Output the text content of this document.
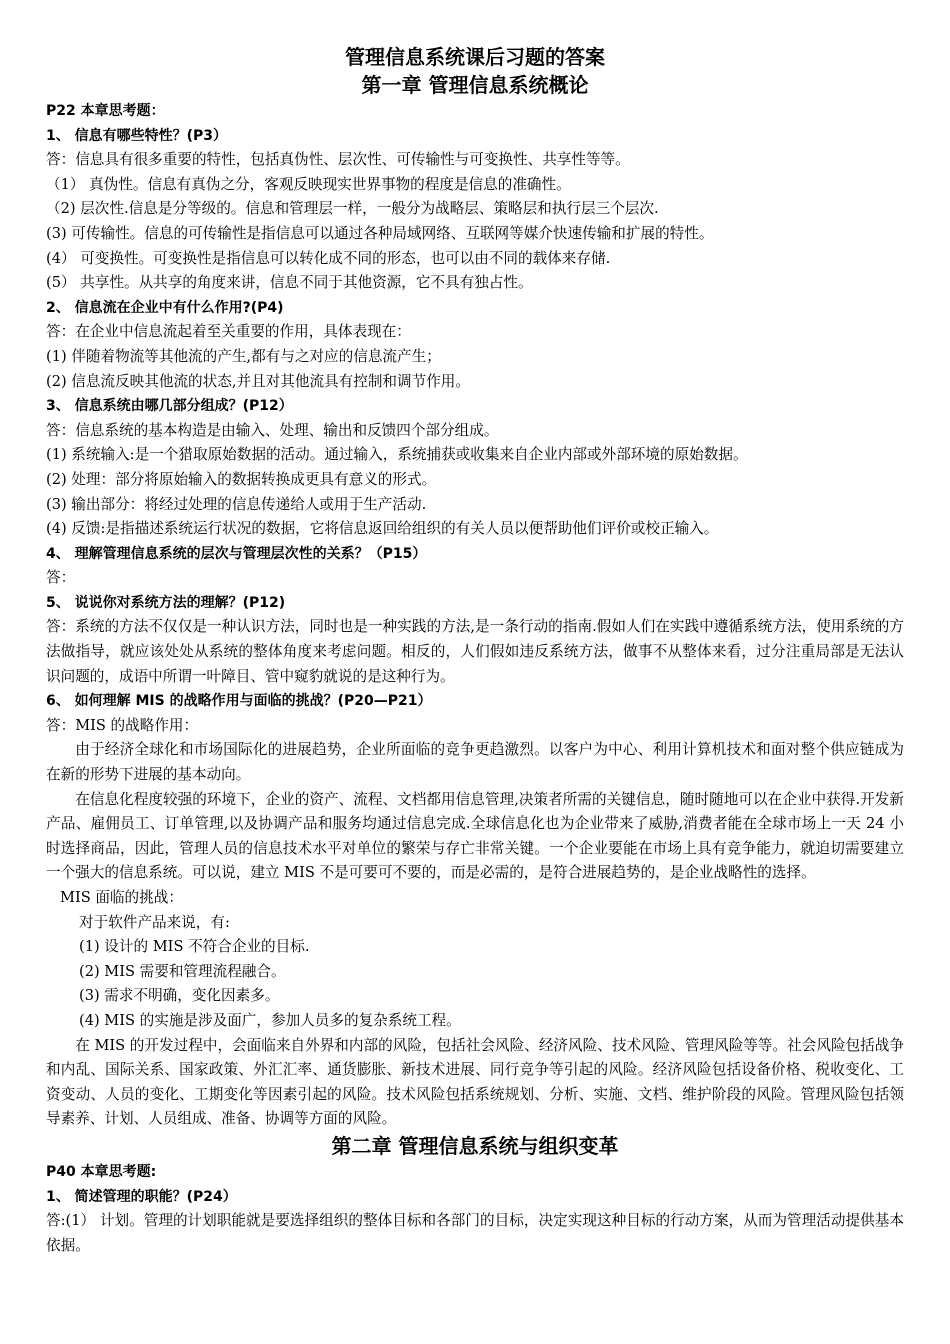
管理信息系统课后习题的答案

第一章 管理信息系统概论

P22 本章思考题：

1、 信息有哪些特性？(P3）

答：信息具有很多重要的特性，包括真伪性、层次性、可传输性与可变换性、共享性等等。

（1） 真伪性。信息有真伪之分，客观反映现实世界事物的程度是信息的准确性。

（2) 层次性.信息是分等级的。信息和管理层一样，一般分为战略层、策略层和执行层三个层次.

(3) 可传输性。信息的可传输性是指信息可以通过各种局域网络、互联网等媒介快速传输和扩展的特性。

(4） 可变换性。可变换性是指信息可以转化成不同的形态，也可以由不同的载体来存储.

(5） 共享性。从共享的角度来讲，信息不同于其他资源，它不具有独占性。

2、 信息流在企业中有什么作用?(P4)

答：在企业中信息流起着至关重要的作用，具体表现在：

(1) 伴随着物流等其他流的产生,都有与之对应的信息流产生；

(2) 信息流反映其他流的状态,并且对其他流具有控制和调节作用。

3、 信息系统由哪几部分组成？(P12）

答：信息系统的基本构造是由输入、处理、输出和反馈四个部分组成。

(1) 系统输入:是一个猎取原始数据的活动。通过输入，系统捕获或收集来自企业内部或外部环境的原始数据。

(2) 处理：部分将原始输入的数据转换成更具有意义的形式。

(3) 输出部分：将经过处理的信息传递给人或用于生产活动.

(4) 反馈:是指描述系统运行状况的数据，它将信息返回给组织的有关人员以便帮助他们评价或校正输入。

4、 理解管理信息系统的层次与管理层次性的关系？（P15）

答：

5、 说说你对系统方法的理解？(P12)

答：系统的方法不仅仅是一种认识方法，同时也是一种实践的方法,是一条行动的指南.假如人们在实践中遵循系统方法，使用系统的方法做指导，就应该处处从系统的整体角度来考虑问题。相反的，人们假如违反系统方法，做事不从整体来看，过分注重局部是无法认识问题的，成语中所谓一叶障目、管中窥豹就说的是这种行为。

6、 如何理解 MIS 的战略作用与面临的挑战？(P20—P21）

答：MIS 的战略作用：

由于经济全球化和市场国际化的进展趋势，企业所面临的竞争更趋激烈。以客户为中心、利用计算机技术和面对整个供应链成为在新的形势下进展的基本动向。

在信息化程度较强的环境下，企业的资产、流程、文档都用信息管理,决策者所需的关键信息，随时随地可以在企业中获得.开发新产品、雇佣员工、订单管理,以及协调产品和服务均通过信息完成.全球信息化也为企业带来了威胁,消费者能在全球市场上一天 24 小时选择商品，因此，管理人员的信息技术水平对单位的繁荣与存亡非常关键。一个企业要能在市场上具有竞争能力，就迫切需要建立一个强大的信息系统。可以说，建立 MIS 不是可要可不要的，而是必需的，是符合进展趋势的，是企业战略性的选择。

MIS 面临的挑战：

对于软件产品来说，有:

(1) 设计的 MIS 不符合企业的目标.

(2) MIS 需要和管理流程融合。

(3) 需求不明确，变化因素多。

(4) MIS 的实施是涉及面广，参加人员多的复杂系统工程。

在 MIS 的开发过程中，会面临来自外界和内部的风险，包括社会风险、经济风险、技术风险、管理风险等等。社会风险包括战争和内乱、国际关系、国家政策、外汇汇率、通货膨胀、新技术进展、同行竞争等引起的风险。经济风险包括设备价格、税收变化、工资变动、人员的变化、工期变化等因素引起的风险。技术风险包括系统规划、分析、实施、文档、维护阶段的风险。管理风险包括领导素养、计划、人员组成、准备、协调等方面的风险。

第二章 管理信息系统与组织变革

P40 本章思考题:

1、 简述管理的职能？(P24）

答:(1） 计划。管理的计划职能就是要选择组织的整体目标和各部门的目标，决定实现这种目标的行动方案，从而为管理活动提供基本依据。
